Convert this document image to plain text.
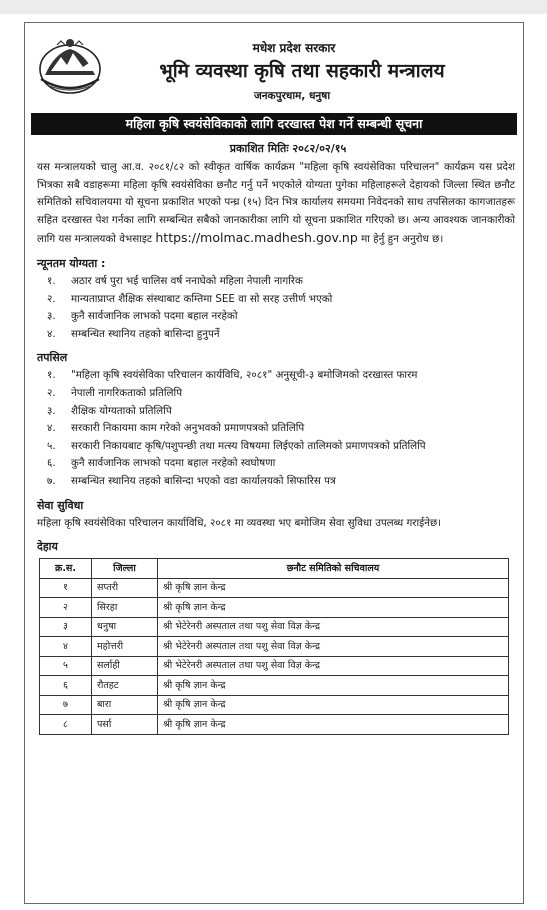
मधेश प्रदेश सरकार
भूमि व्यवस्था कृषि तथा सहकारी मन्त्रालय
जनकपुरधाम, धनुषा
महिला कृषि स्वयंसेविकाको लागि दरखास्त पेश गर्ने सम्बन्धी सूचना
प्रकाशित मितिः २०८२/०२/१५

यस मन्त्रालयको चालु आ.व. २०८१/८२ को स्वीकृत वार्षिक कार्यक्रम "महिला कृषि स्वयंसेविका परिचालन" कार्यक्रम यस प्रदेश भित्रका सबै वडाहरूमा महिला कृषि स्वयंसेविका छनौट गर्नु पर्ने भएकोले योग्यता पुगेका महिलाहरूले देहायको जिल्ला स्थित छनौट समितिको सचिवालयमा यो सूचना प्रकाशित भएको पन्ध्र (१५) दिन भित्र कार्यालय समयमा निवेदनको साथ तपसिलका कागजातहरू सहित दरखास्त पेश गर्नका लागि सम्बन्धित सबैको जानकारीका लागि यो सूचना प्रकाशित गरिएको छ। अन्य आवश्यक जानकारीको लागि यस मन्त्रालयको वेभसाइट https://molmac.madhesh.gov.np मा हेर्नु हुन अनुरोध छ।

न्यूनतम योग्यता :
१.	अठार वर्ष पुरा भई चालिस वर्ष ननाघेको महिला नेपाली नागरिक
२.	मान्यताप्राप्त शैक्षिक संस्थाबाट कम्तिमा SEE वा सो सरह उत्तीर्ण भएको
३.	कुनै सार्वजानिक लाभको पदमा बहाल नरहेको
४.	सम्बन्धित स्थानिय तहको बासिन्दा हुनुपर्ने
तपसिल
१.	"महिला कृषि स्वयंसेविका परिचालन कार्यविधि, २०८१" अनुसूची-३ बमोजिमको दरखास्त फारम
२.	नेपाली नागरिकताको प्रतिलिपि
३.	शैक्षिक योग्यताको प्रतिलिपि
४.	सरकारी निकायमा काम गरेको अनुभवको प्रमाणपत्रको प्रतिलिपि
५.	सरकारी निकायबाट कृषि/पशुपन्छी तथा मत्स्य विषयमा लिईएको तालिमको प्रमाणपत्रको प्रतिलिपि
६.	कुनै सार्वजानिक लाभको पदमा बहाल नरहेको स्वघोषणा
७.	सम्बन्धित स्थानिय तहको बासिन्दा भएको वडा कार्यालयको सिफारिस पत्र
सेवा सुविधा

महिला कृषि स्वयंसेविका परिचालन कार्याविधि, २०८१ मा व्यवस्था भए बमोजिम सेवा सुविधा उपलब्ध गराईनेछ।

देहाय
क्र.स.	जिल्ला	छनौट समितिको सचिवालय
१	सप्तरी	श्री कृषि ज्ञान केन्द्र
२	सिरहा	श्री कृषि ज्ञान केन्द्र
३	धनुषा	श्री भेटेरेनरी अस्पताल तथा पशु सेवा विज्ञ केन्द्र
४	महोत्तरी	श्री भेटेरेनरी अस्पताल तथा पशु सेवा विज्ञ केन्द्र
५	सर्लाही	श्री भेटेरेनरी अस्पताल तथा पशु सेवा विज्ञ केन्द्र
६	रौतहट	श्री कृषि ज्ञान केन्द्र
७	बारा	श्री कृषि ज्ञान केन्द्र
८	पर्सा	श्री कृषि ज्ञान केन्द्र
